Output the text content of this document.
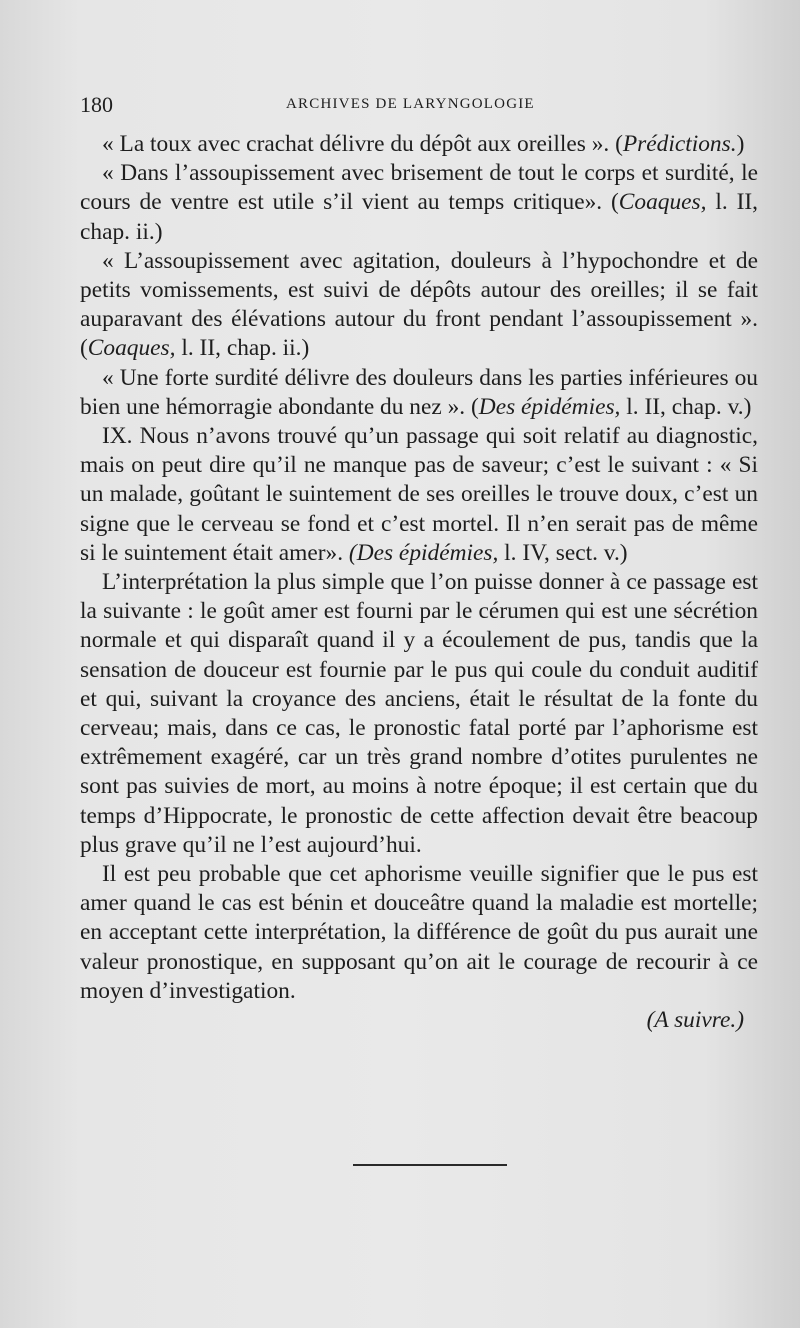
180	ARCHIVES DE LARYNGOLOGIE

« La toux avec crachat délivre du dépôt aux oreilles ». (Prédictions.)

« Dans l’assoupissement avec brisement de tout le corps et surdité, le cours de ventre est utile s’il vient au temps critique». (Coaques, l. II, chap. ii.)

« L’assoupissement avec agitation, douleurs à l’hypochondre et de petits vomissements, est suivi de dépôts autour des oreilles; il se fait auparavant des élévations autour du front pendant l’assoupissement ». (Coaques, l. II, chap. ii.)

« Une forte surdité délivre des douleurs dans les parties inférieures ou bien une hémorragie abondante du nez ». (Des épidémies, l. II, chap. v.)

IX. Nous n’avons trouvé qu’un passage qui soit relatif au diagnostic, mais on peut dire qu’il ne manque pas de saveur; c’est le suivant : « Si un malade, goûtant le suintement de ses oreilles le trouve doux, c’est un signe que le cerveau se fond et c’est mortel. Il n’en serait pas de même si le suintement était amer». (Des épidémies, l. IV, sect. v.)

L’interprétation la plus simple que l’on puisse donner à ce passage est la suivante : le goût amer est fourni par le cérumen qui est une sécrétion normale et qui disparaît quand il y a écoulement de pus, tandis que la sensation de douceur est fournie par le pus qui coule du conduit auditif et qui, suivant la croyance des anciens, était le résultat de la fonte du cerveau; mais, dans ce cas, le pronostic fatal porté par l’aphorisme est extrêmement exagéré, car un très grand nombre d’otites purulentes ne sont pas suivies de mort, au moins à notre époque; il est certain que du temps d’Hippocrate, le pronostic de cette affection devait être beacoup plus grave qu’il ne l’est aujourd’hui.

Il est peu probable que cet aphorisme veuille signifier que le pus est amer quand le cas est bénin et douceâtre quand la maladie est mortelle; en acceptant cette interprétation, la différence de goût du pus aurait une valeur pronostique, en supposant qu’on ait le courage de recourir à ce moyen d’investigation.

(A suivre.)
